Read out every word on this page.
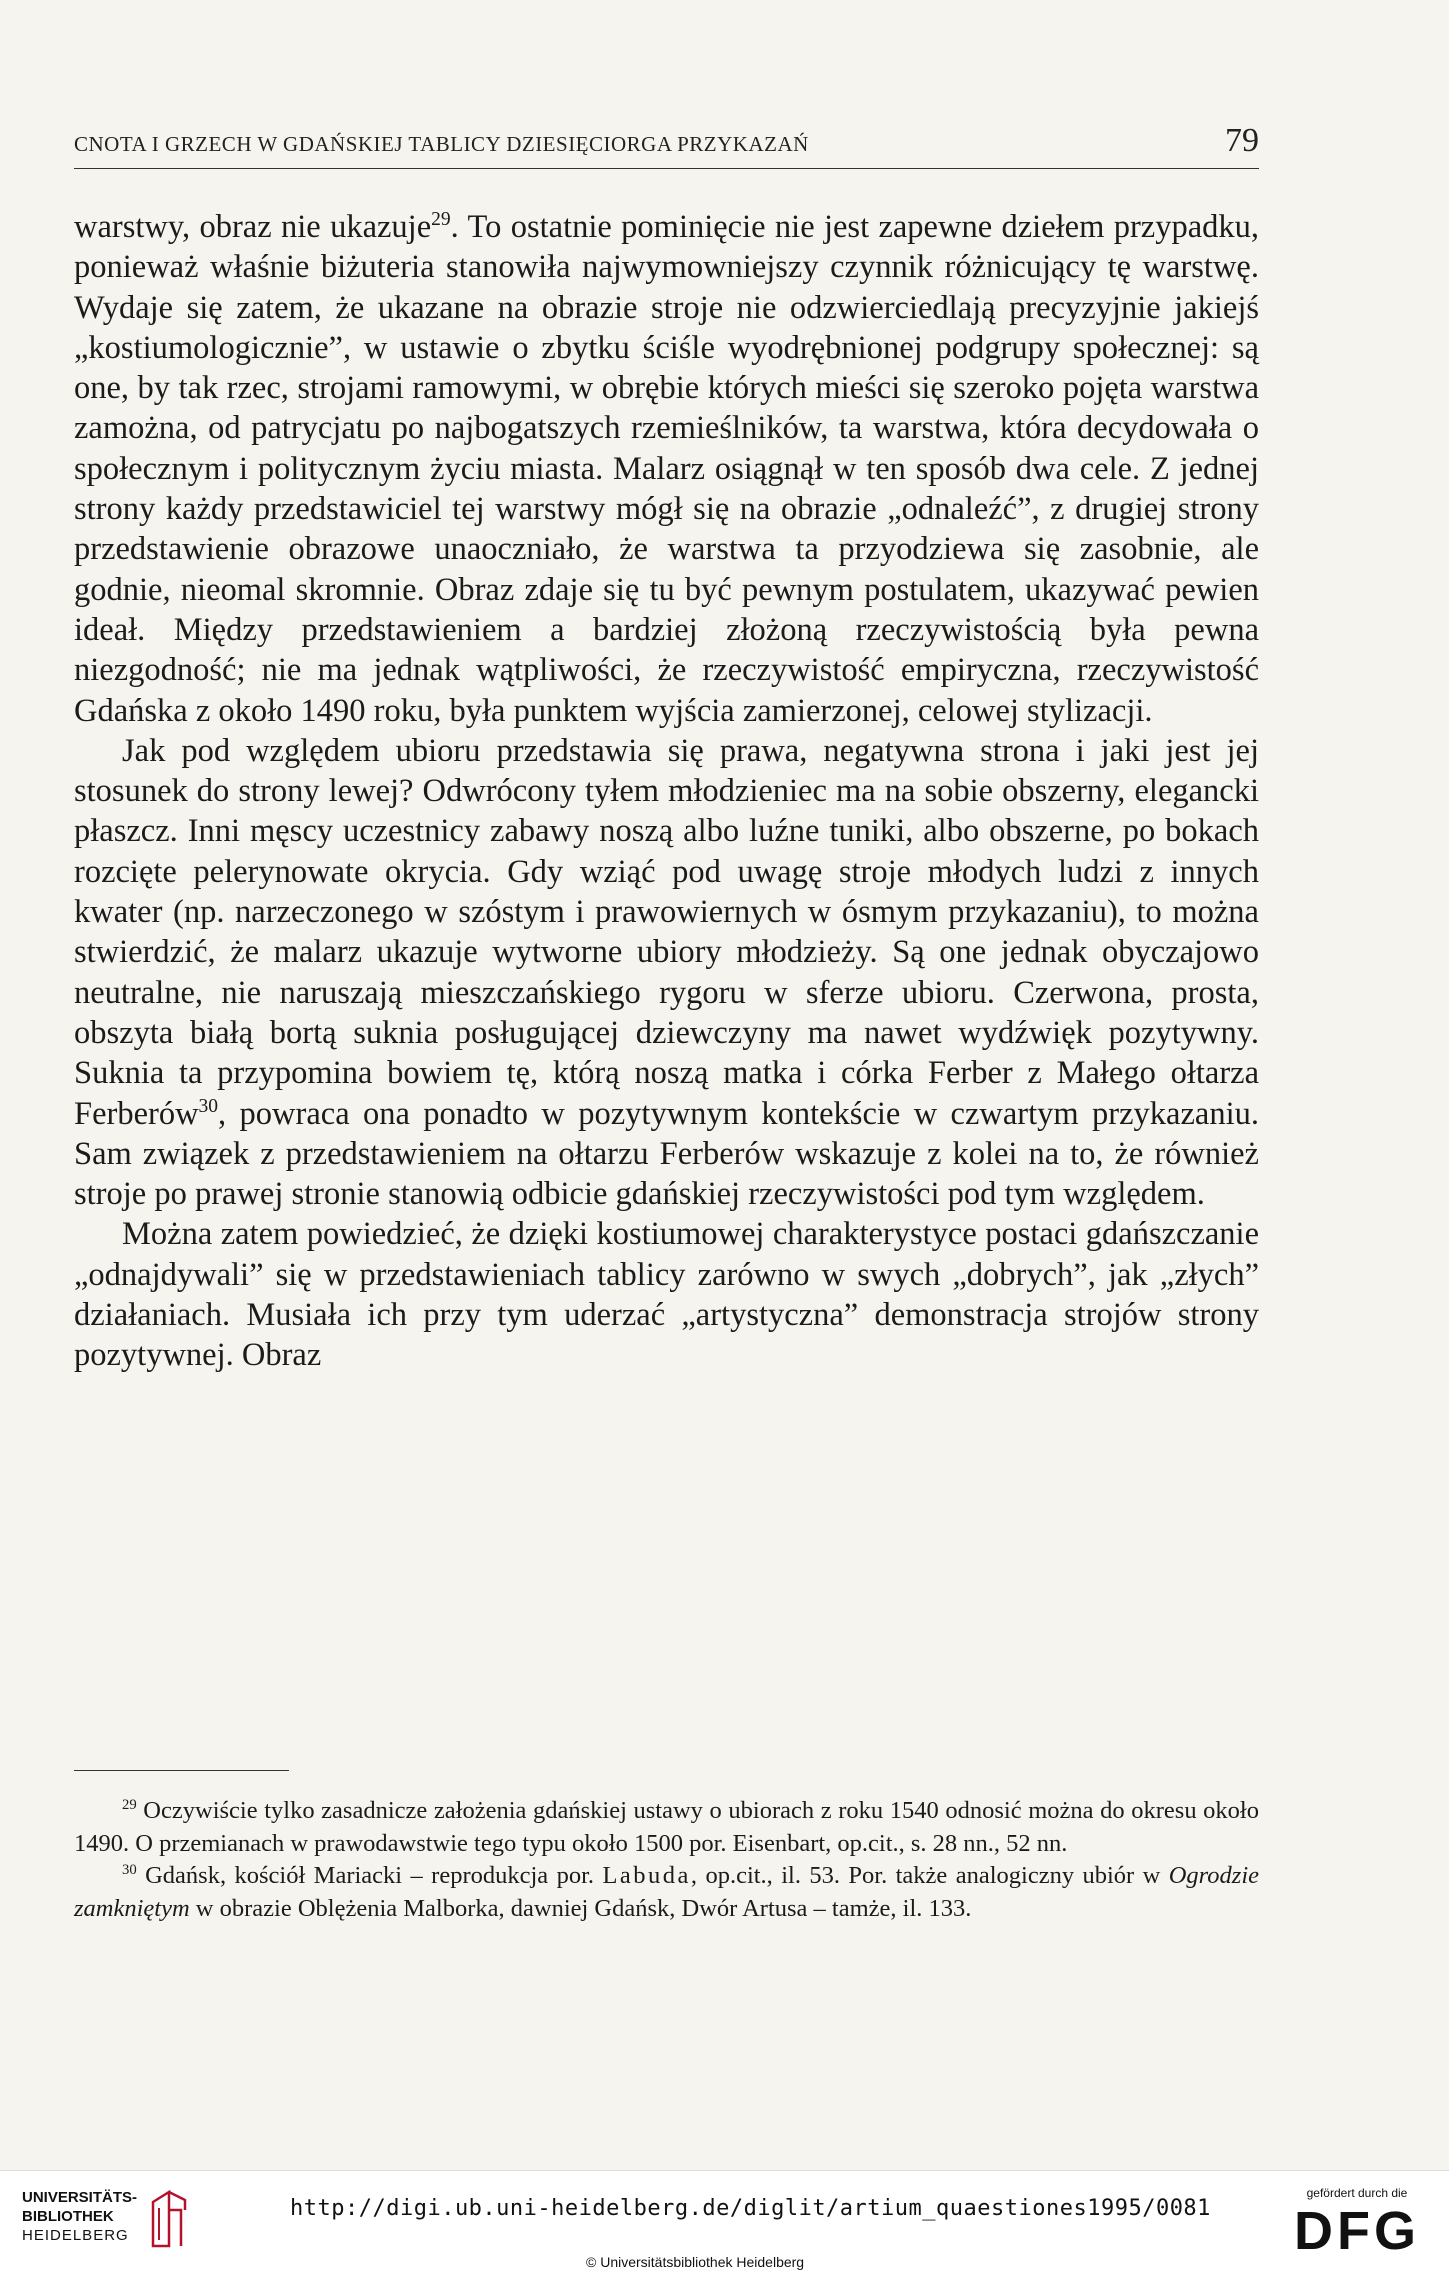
CNOTA I GRZECH W GDAŃSKIEJ TABLICY DZIESIĘCIORGA PRZYKAZAŃ	79

warstwy, obraz nie ukazuje$^{29}$. To ostatnie pominięcie nie jest zapewne dziełem przypadku, ponieważ właśnie biżuteria stanowiła najwymowniejszy czynnik różnicujący tę warstwę. Wydaje się zatem, że ukazane na obrazie stroje nie odzwierciedlają precyzyjnie jakiejś „kostiumologicznie”, w ustawie o zbytku ściśle wyodrębnionej podgrupy społecznej: są one, by tak rzec, strojami ramowymi, w obrębie których mieści się szeroko pojęta warstwa zamożna, od patrycjatu po najbogatszych rzemieślników, ta warstwa, która decydowała o społecznym i politycznym życiu miasta. Malarz osiągnął w ten sposób dwa cele. Z jednej strony każdy przedstawiciel tej warstwy mógł się na obrazie „odnaleźć”, z drugiej strony przedstawienie obrazowe unaoczniało, że warstwa ta przyodziewa się zasobnie, ale godnie, nieomal skromnie. Obraz zdaje się tu być pewnym postulatem, ukazywać pewien ideał. Między przedstawieniem a bardziej złożoną rzeczywistością była pewna niezgodność; nie ma jednak wątpliwości, że rzeczywistość empiryczna, rzeczywistość Gdańska z około 1490 roku, była punktem wyjścia zamierzonej, celowej stylizacji.

Jak pod względem ubioru przedstawia się prawa, negatywna strona i jaki jest jej stosunek do strony lewej? Odwrócony tyłem młodzieniec ma na sobie obszerny, elegancki płaszcz. Inni męscy uczestnicy zabawy noszą albo luźne tuniki, albo obszerne, po bokach rozcięte pelerynowate okrycia. Gdy wziąć pod uwagę stroje młodych ludzi z innych kwater (np. narzeczonego w szóstym i prawowiernych w ósmym przykazaniu), to można stwierdzić, że malarz ukazuje wytworne ubiory młodzieży. Są one jednak obyczajowo neutralne, nie naruszają mieszczańskiego rygoru w sferze ubioru. Czerwona, prosta, obszyta białą bortą suknia posługującej dziewczyny ma nawet wydźwięk pozytywny. Suknia ta przypomina bowiem tę, którą noszą matka i córka Ferber z Małego ołtarza Ferberów$^{30}$, powraca ona ponadto w pozytywnym kontekście w czwartym przykazaniu. Sam związek z przedstawieniem na ołtarzu Ferberów wskazuje z kolei na to, że również stroje po prawej stronie stanowią odbicie gdańskiej rzeczywistości pod tym względem.

Można zatem powiedzieć, że dzięki kostiumowej charakterystyce postaci gdańszczanie „odnajdywali” się w przedstawieniach tablicy zarówno w swych „dobrych”, jak „złych” działaniach. Musiała ich przy tym uderzać „artystyczna” demonstracja strojów strony pozytywnej. Obraz

$^{29}$ Oczywiście tylko zasadnicze założenia gdańskiej ustawy o ubiorach z roku 1540 odnosić można do okresu około 1490. O przemianach w prawodawstwie tego typu około 1500 por. Eisenbart, op.cit., s. 28 nn., 52 nn.

$^{30}$ Gdańsk, kościół Mariacki – reprodukcja por. Labuda, op.cit., il. 53. Por. także analogiczny ubiór w Ogrodzie zamkniętym w obrazie Oblężenia Malborka, dawniej Gdańsk, Dwór Artusa – tamże, il. 133.

UNIVERSITÄTS-
BIBLIOTHEK
HEIDELBERG
http://digi.ub.uni-heidelberg.de/diglit/artium_quaestiones1995/0081
© Universitätsbibliothek Heidelberg
gefördert durch die
DFG
